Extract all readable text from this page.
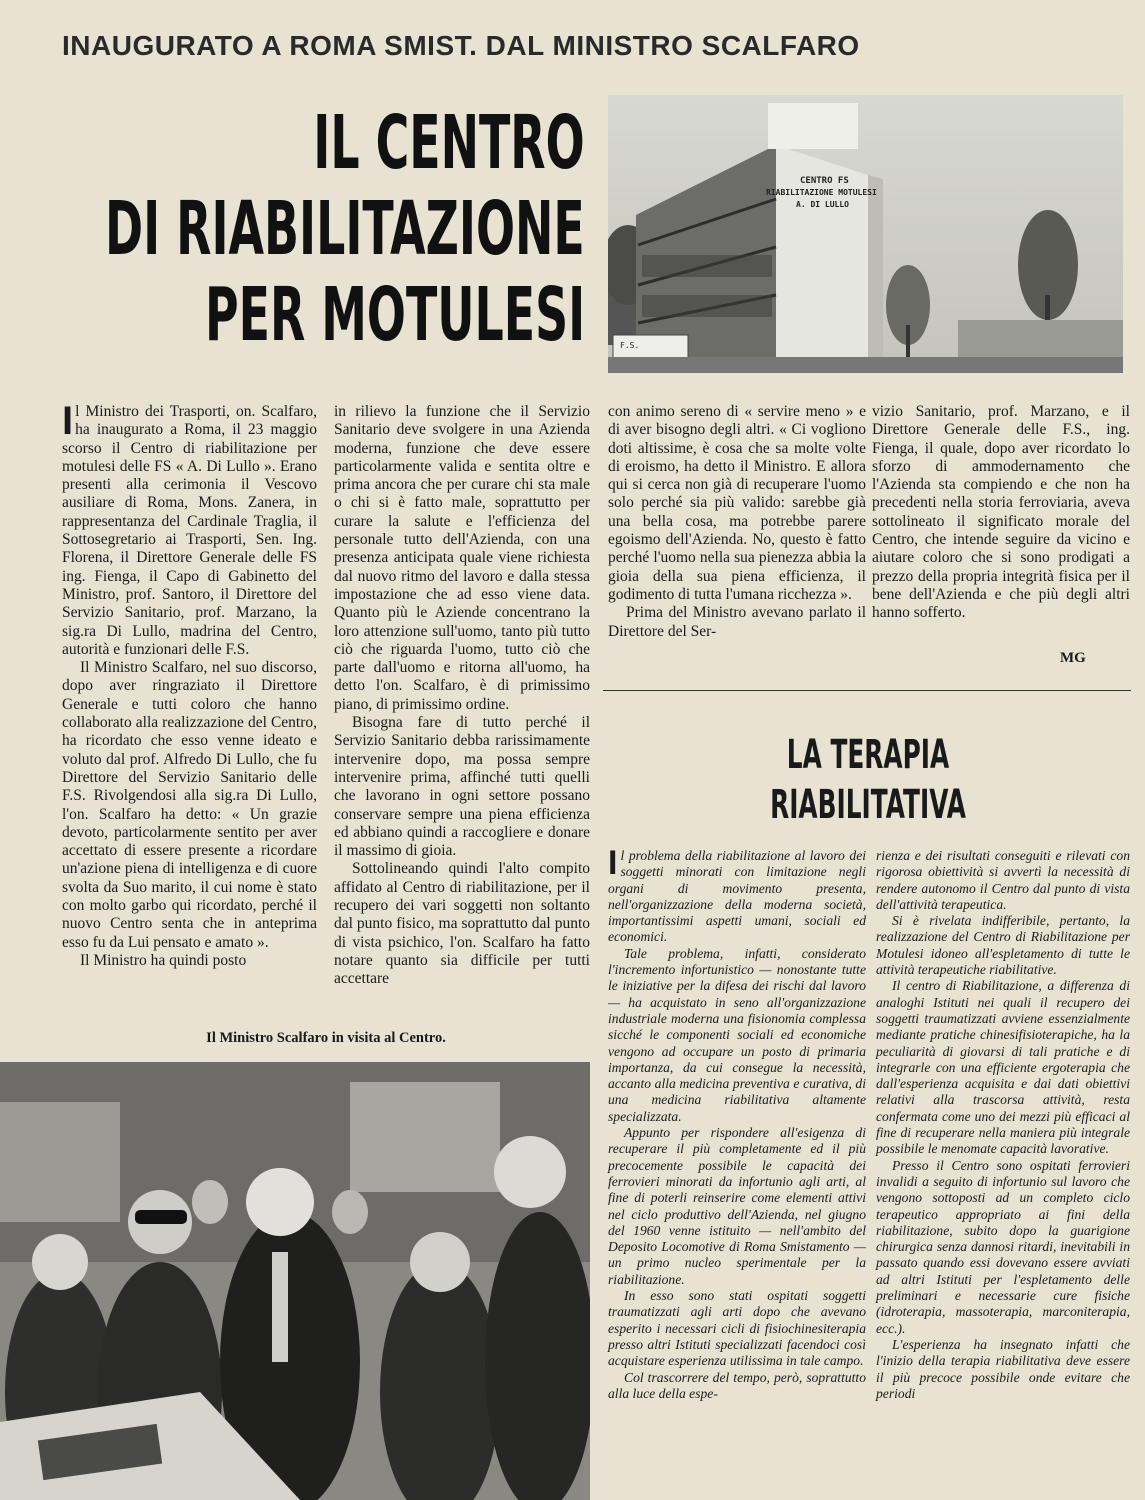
INAUGURATO A ROMA SMIST. DAL MINISTRO SCALFARO
IL CENTRO
DI RIABILITAZIONE
PER MOTULESI
CENTRO FS
RIABILITAZIONE MOTULESI
A. DI LULLO
F.S.

Il Ministro dei Trasporti, on. Scalfaro, ha inaugurato a Roma, il 23 maggio scorso il Centro di riabilitazione per motulesi delle FS « A. Di Lullo ». Erano presenti alla cerimonia il Vescovo ausiliare di Roma, Mons. Zanera, in rappresentanza del Cardinale Traglia, il Sottosegretario ai Trasporti, Sen. Ing. Florena, il Direttore Generale delle FS ing. Fienga, il Capo di Gabinetto del Ministro, prof. Santoro, il Direttore del Servizio Sanitario, prof. Marzano, la sig.ra Di Lullo, madrina del Centro, autorità e funzionari delle F.S.

Il Ministro Scalfaro, nel suo discorso, dopo aver ringraziato il Direttore Generale e tutti coloro che hanno collaborato alla realizzazione del Centro, ha ricordato che esso venne ideato e voluto dal prof. Alfredo Di Lullo, che fu Direttore del Servizio Sanitario delle F.S. Rivolgendosi alla sig.ra Di Lullo, l'on. Scalfaro ha detto: « Un grazie devoto, particolarmente sentito per aver accettato di essere presente a ricordare un'azione piena di intelligenza e di cuore svolta da Suo marito, il cui nome è stato con molto garbo qui ricordato, perché il nuovo Centro senta che in anteprima esso fu da Lui pensato e amato ».

Il Ministro ha quindi posto

in rilievo la funzione che il Servizio Sanitario deve svolgere in una Azienda moderna, funzione che deve essere particolarmente valida e sentita oltre e prima ancora che per curare chi sta male o chi si è fatto male, soprattutto per curare la salute e l'efficienza del personale tutto dell'Azienda, con una presenza anticipata quale viene richiesta dal nuovo ritmo del lavoro e dalla stessa impostazione che ad esso viene data. Quanto più le Aziende concentrano la loro attenzione sull'uomo, tanto più tutto ciò che riguarda l'uomo, tutto ciò che parte dall'uomo e ritorna all'uomo, ha detto l'on. Scalfaro, è di primissimo piano, di primissimo ordine.

Bisogna fare di tutto perché il Servizio Sanitario debba rarissimamente intervenire dopo, ma possa sempre intervenire prima, affinché tutti quelli che lavorano in ogni settore possano conservare sempre una piena efficienza ed abbiano quindi a raccogliere e donare il massimo di gioia.

Sottolineando quindi l'alto compito affidato al Centro di riabilitazione, per il recupero dei vari soggetti non soltanto dal punto fisico, ma soprattutto dal punto di vista psichico, l'on. Scalfaro ha fatto notare quanto sia difficile per tutti accettare

con animo sereno di « servire meno » e di aver bisogno degli altri. « Ci vogliono doti altissime, è cosa che sa molte volte di eroismo, ha detto il Ministro. E allora qui si cerca non già di recuperare l'uomo solo perché sia più valido: sarebbe già una bella cosa, ma potrebbe parere egoismo dell'Azienda. No, questo è fatto perché l'uomo nella sua pienezza abbia la gioia della sua piena efficienza, il godimento di tutta l'umana ricchezza ».

Prima del Ministro avevano parlato il Direttore del Ser-

vizio Sanitario, prof. Marzano, e il Direttore Generale delle F.S., ing. Fienga, il quale, dopo aver ricordato lo sforzo di ammodernamento che l'Azienda sta compiendo e che non ha precedenti nella storia ferroviaria, aveva sottolineato il significato morale del Centro, che intende seguire da vicino e aiutare coloro che si sono prodigati a prezzo della propria integrità fisica per il bene dell'Azienda e che più degli altri hanno sofferto.

MG
LA TERAPIA
RIABILITATIVA

Il problema della riabilitazione al lavoro dei soggetti minorati con limitazione negli organi di movimento presenta, nell'organizzazione della moderna società, importantissimi aspetti umani, sociali ed economici.

Tale problema, infatti, considerato l'incremento infortunistico — nonostante tutte le iniziative per la difesa dei rischi dal lavoro — ha acquistato in seno all'organizzazione industriale moderna una fisionomia complessa sicché le componenti sociali ed economiche vengono ad occupare un posto di primaria importanza, da cui consegue la necessità, accanto alla medicina preventiva e curativa, di una medicina riabilitativa altamente specializzata.

Appunto per rispondere all'esigenza di recuperare il più completamente ed il più precocemente possibile le capacità dei ferrovieri minorati da infortunio agli arti, al fine di poterli reinserire come elementi attivi nel ciclo produttivo dell'Azienda, nel giugno del 1960 venne istituito — nell'ambito del Deposito Locomotive di Roma Smistamento — un primo nucleo sperimentale per la riabilitazione.

In esso sono stati ospitati soggetti traumatizzati agli arti dopo che avevano esperito i necessari cicli di fisiochinesiterapia presso altri Istituti specializzati facendoci così acquistare esperienza utilissima in tale campo.

Col trascorrere del tempo, però, soprattutto alla luce della espe-

rienza e dei risultati conseguiti e rilevati con rigorosa obiettività si avvertì la necessità di rendere autonomo il Centro dal punto di vista dell'attività terapeutica.

Si è rivelata indifferibile, pertanto, la realizzazione del Centro di Riabilitazione per Motulesi idoneo all'espletamento di tutte le attività terapeutiche riabilitative.

Il centro di Riabilitazione, a differenza di analoghi Istituti nei quali il recupero dei soggetti traumatizzati avviene essenzialmente mediante pratiche chinesifisioterapiche, ha la peculiarità di giovarsi di tali pratiche e di integrarle con una efficiente ergoterapia che dall'esperienza acquisita e dai dati obiettivi relativi alla trascorsa attività, resta confermata come uno dei mezzi più efficaci al fine di recuperare nella maniera più integrale possibile le menomate capacità lavorative.

Presso il Centro sono ospitati ferrovieri invalidi a seguito di infortunio sul lavoro che vengono sottoposti ad un completo ciclo terapeutico appropriato ai fini della riabilitazione, subito dopo la guarigione chirurgica senza dannosi ritardi, inevitabili in passato quando essi dovevano essere avviati ad altri Istituti per l'espletamento delle preliminari e necessarie cure fisiche (idroterapia, massoterapia, marconiterapia, ecc.).

L'esperienza ha insegnato infatti che l'inizio della terapia riabilitativa deve essere il più precoce possibile onde evitare che periodi

Il Ministro Scalfaro in visita al Centro.
